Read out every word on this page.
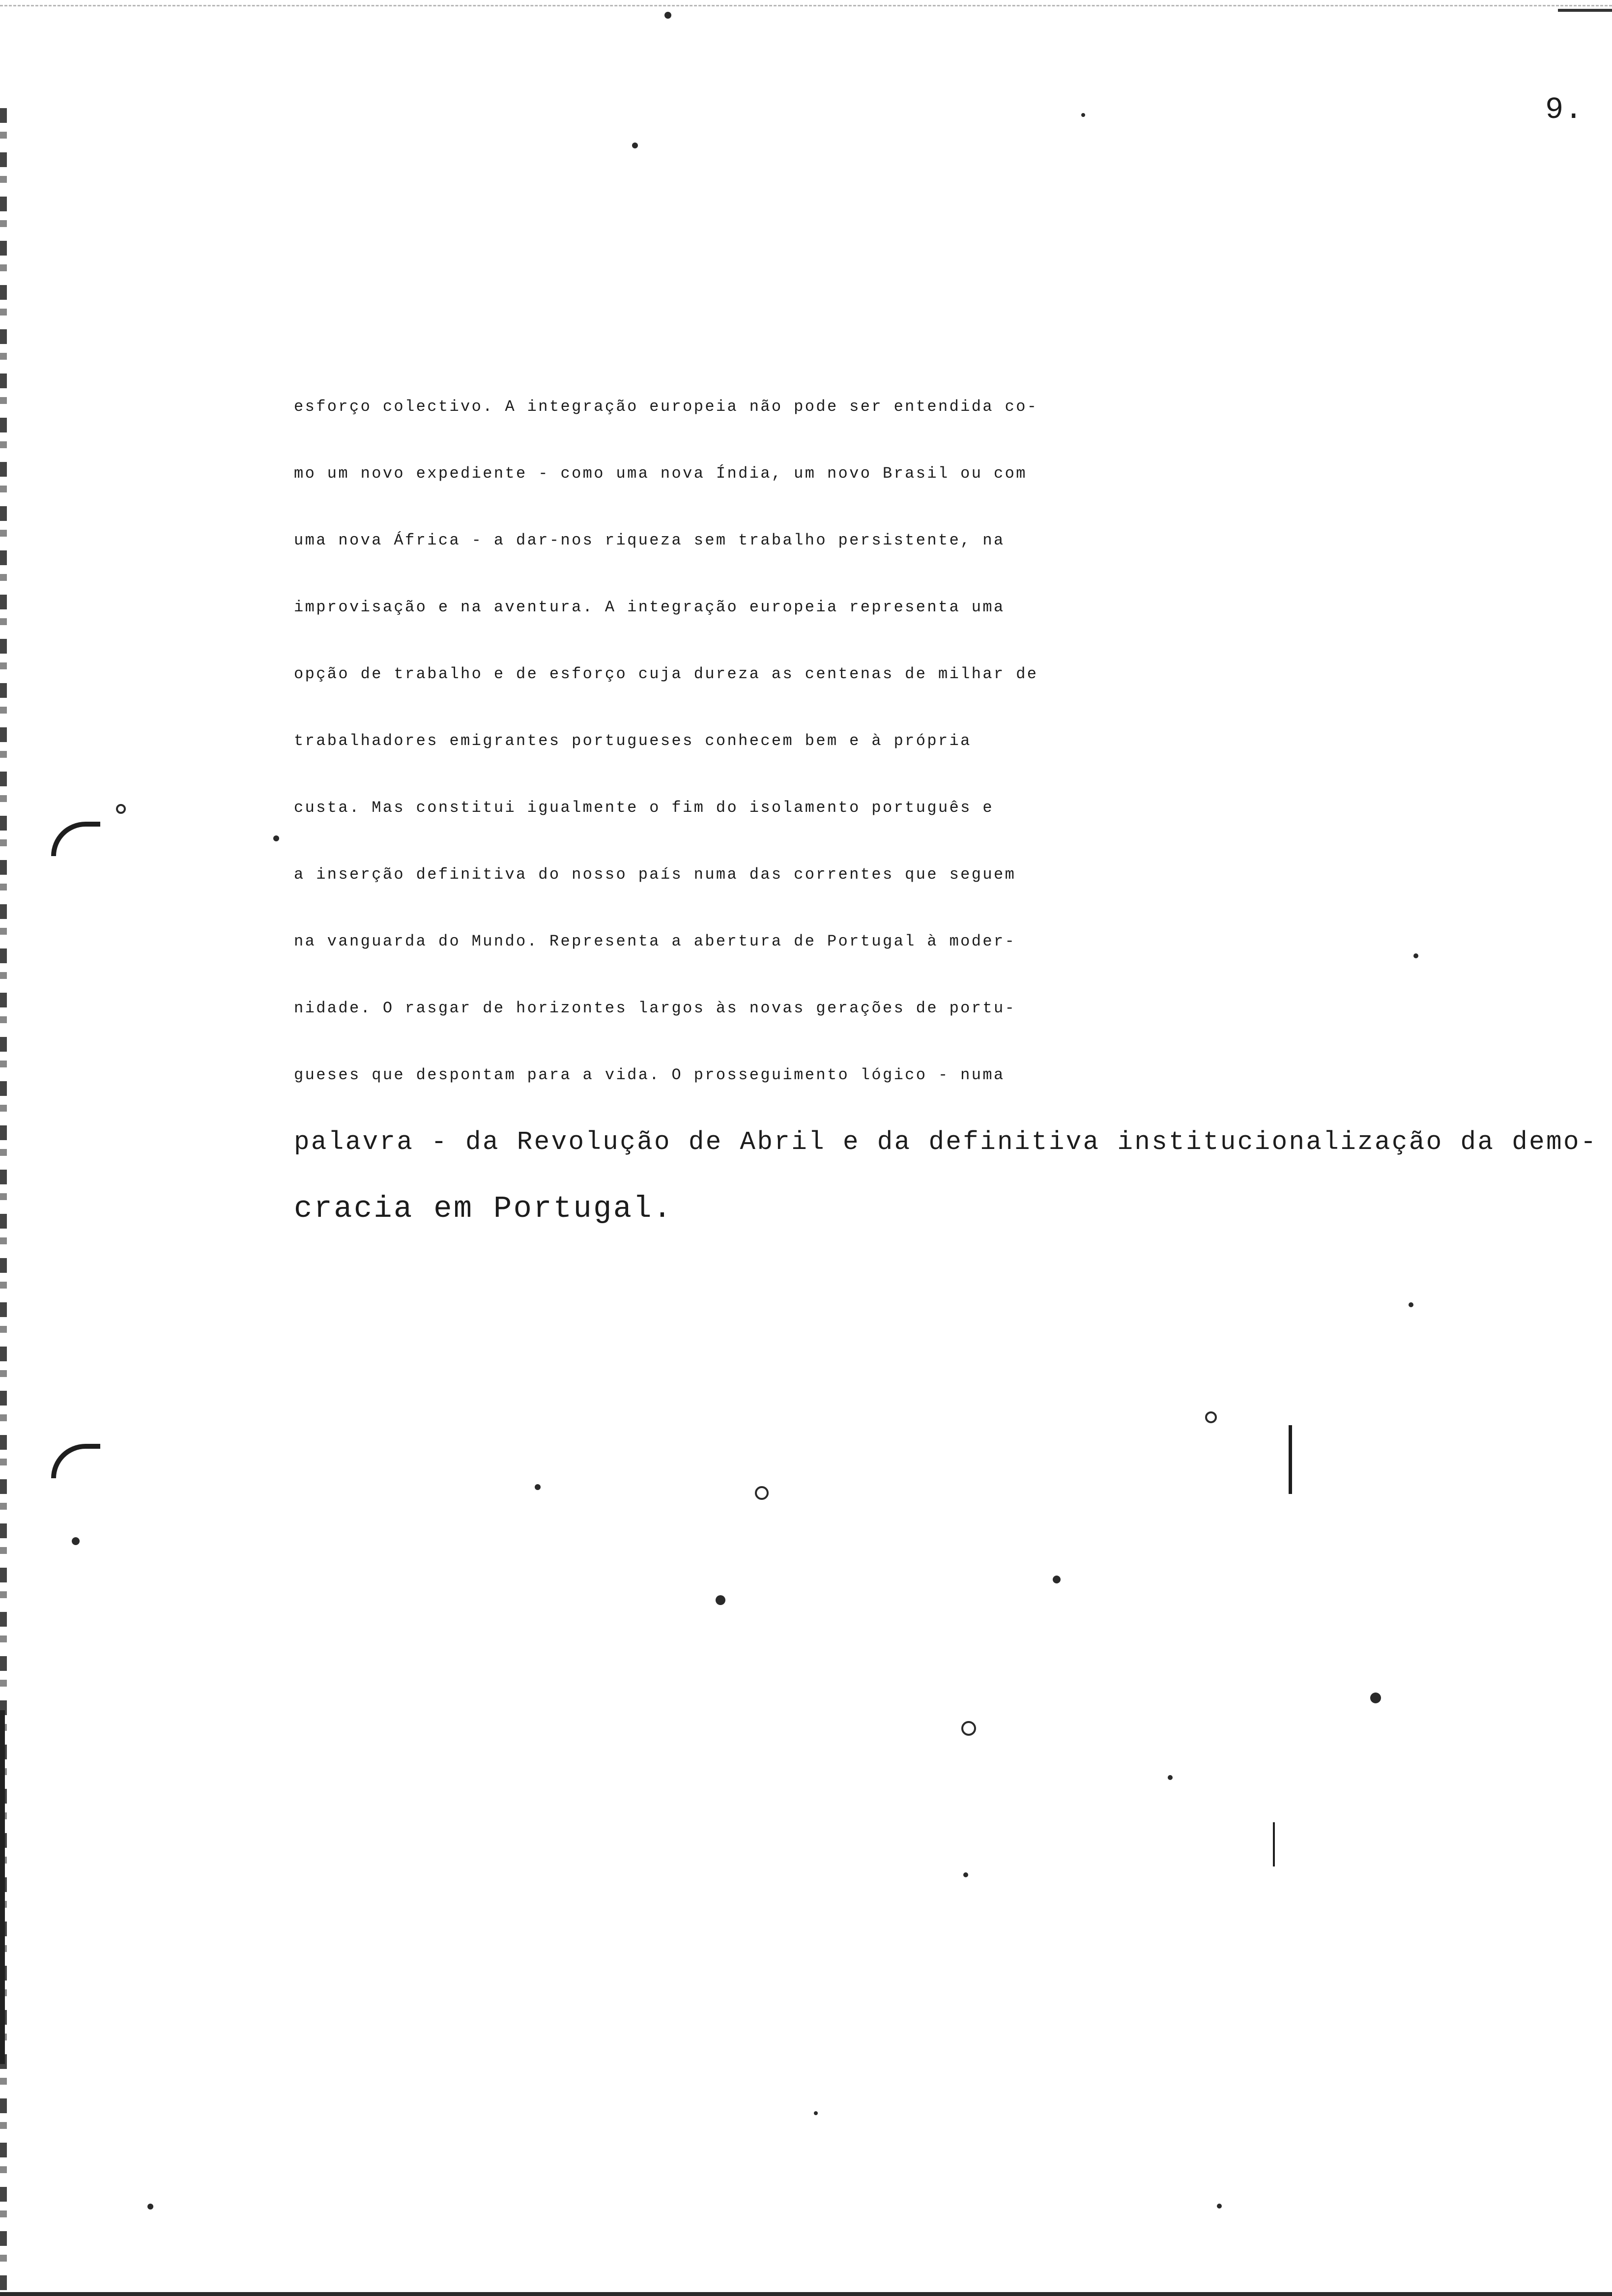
9.
esforço colectivo. A integração europeia não pode ser entendida co-
mo um novo expediente - como uma nova Índia, um novo Brasil ou com
uma nova África - a dar-nos riqueza sem trabalho persistente, na
improvisação e na aventura. A integração europeia representa uma
opção de trabalho e de esforço cuja dureza as centenas de milhar de
trabalhadores emigrantes portugueses conhecem bem e à própria
custa. Mas constitui igualmente o fim do isolamento português e
a inserção definitiva do nosso país numa das correntes que seguem
na vanguarda do Mundo. Representa a abertura de Portugal à moder-
nidade. O rasgar de horizontes largos às novas gerações de portu-
gueses que despontam para a vida. O prosseguimento lógico - numa
palavra - da Revolução de Abril e da definitiva institucionalização da demo-
cracia em Portugal.
